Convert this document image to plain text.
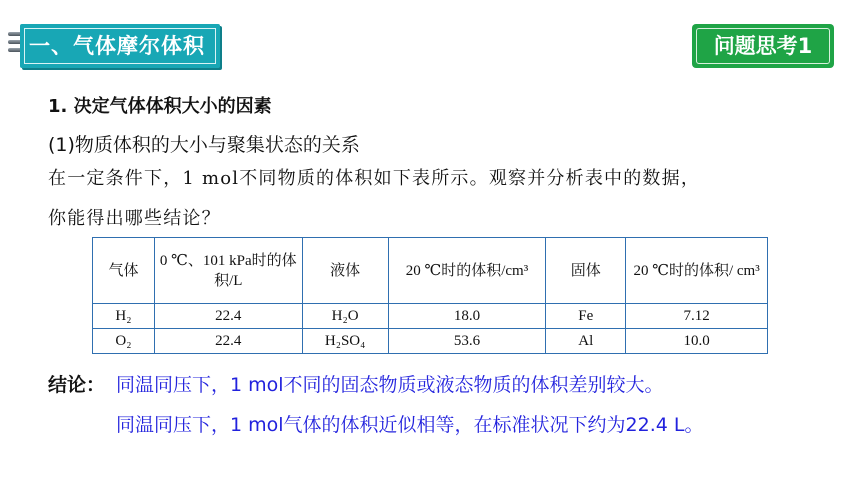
一、气体摩尔体积	问题思考1
1. 决定气体体积大小的因素
(1)物质体积的大小与聚集状态的关系
在一定条件下，1 mol不同物质的体积如下表所示。观察并分析表中的数据，
你能得出哪些结论？
气体	0 ℃、101 kPa时的体积/L	液体	20 ℃时的体积/cm³	固体	20 ℃时的体积/ cm³
H₂	22.4	H₂O	18.0	Fe	7.12
O₂	22.4	H₂SO₄	53.6	Al	10.0
结论： 同温同压下，1 mol不同的固态物质或液态物质的体积差别较大。
同温同压下，1 mol气体的体积近似相等，在标准状况下约为22.4 L。
